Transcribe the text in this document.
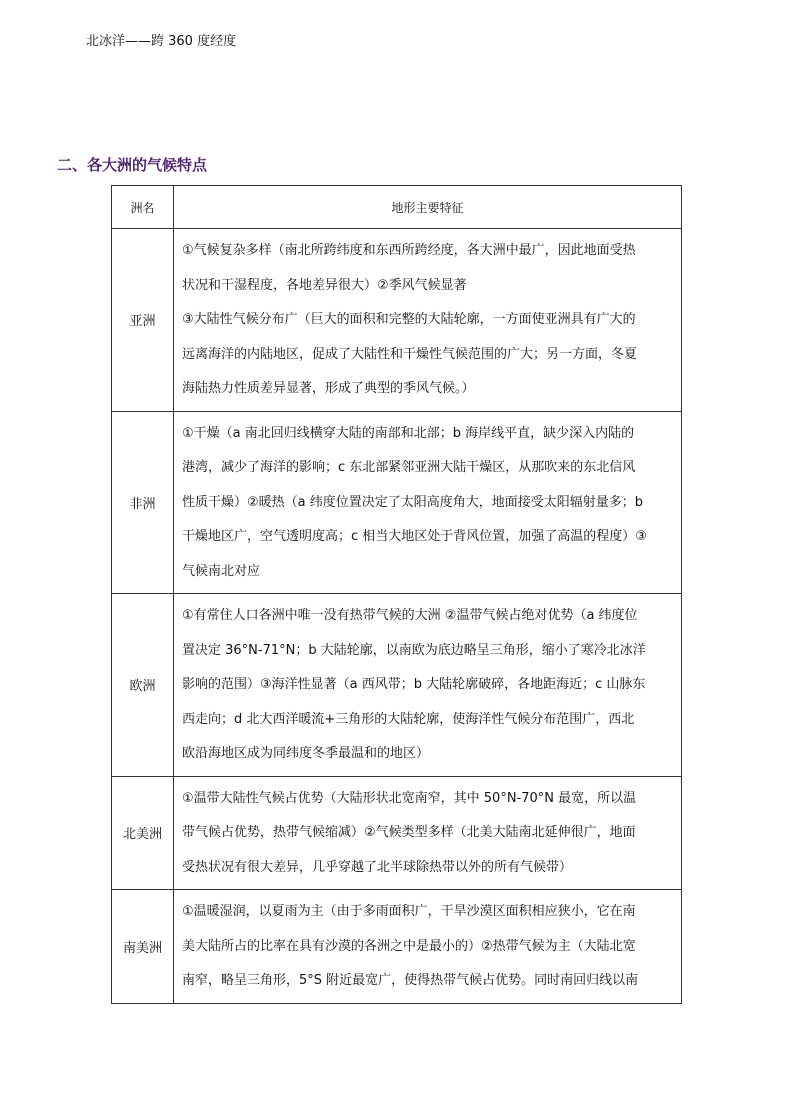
北冰洋——跨 360 度经度
二、各大洲的气候特点
洲名	地形主要特征
亚洲	①气候复杂多样（南北所跨纬度和东西所跨经度，各大洲中最广，因此地面受热
状况和干湿程度，各地差异很大）②季风气候显著
③大陆性气候分布广（巨大的面积和完整的大陆轮廓，一方面使亚洲具有广大的
远离海洋的内陆地区，促成了大陆性和干燥性气候范围的广大；另一方面，冬夏
海陆热力性质差异显著，形成了典型的季风气候。）

非洲	①干燥（a 南北回归线横穿大陆的南部和北部；b 海岸线平直，缺少深入内陆的
港湾，减少了海洋的影响；c 东北部紧邻亚洲大陆干燥区，从那吹来的东北信风
性质干燥）②暖热（a 纬度位置决定了太阳高度角大，地面接受太阳辐射量多；b
干燥地区广，空气透明度高；c 相当大地区处于背风位置，加强了高温的程度）③
气候南北对应

欧洲	①有常住人口各洲中唯一没有热带气候的大洲 ②温带气候占绝对优势（a 纬度位
置决定 36°N-71°N；b 大陆轮廓，以南欧为底边略呈三角形，缩小了寒冷北冰洋
影响的范围）③海洋性显著（a 西风带；b 大陆轮廓破碎，各地距海近；c 山脉东
西走向；d 北大西洋暖流+三角形的大陆轮廓，使海洋性气候分布范围广，西北
欧沿海地区成为同纬度冬季最温和的地区）

北美洲	①温带大陆性气候占优势（大陆形状北宽南窄，其中 50°N-70°N 最宽，所以温
带气候占优势，热带气候缩减）②气候类型多样（北美大陆南北延伸很广，地面
受热状况有很大差异，几乎穿越了北半球除热带以外的所有气候带）

南美洲	①温暖湿润，以夏雨为主（由于多雨面积广，干旱沙漠区面积相应狭小，它在南
美大陆所占的比率在具有沙漠的各洲之中是最小的）②热带气候为主（大陆北宽
南窄，略呈三角形，5°S 附近最宽广，使得热带气候占优势。同时南回归线以南
